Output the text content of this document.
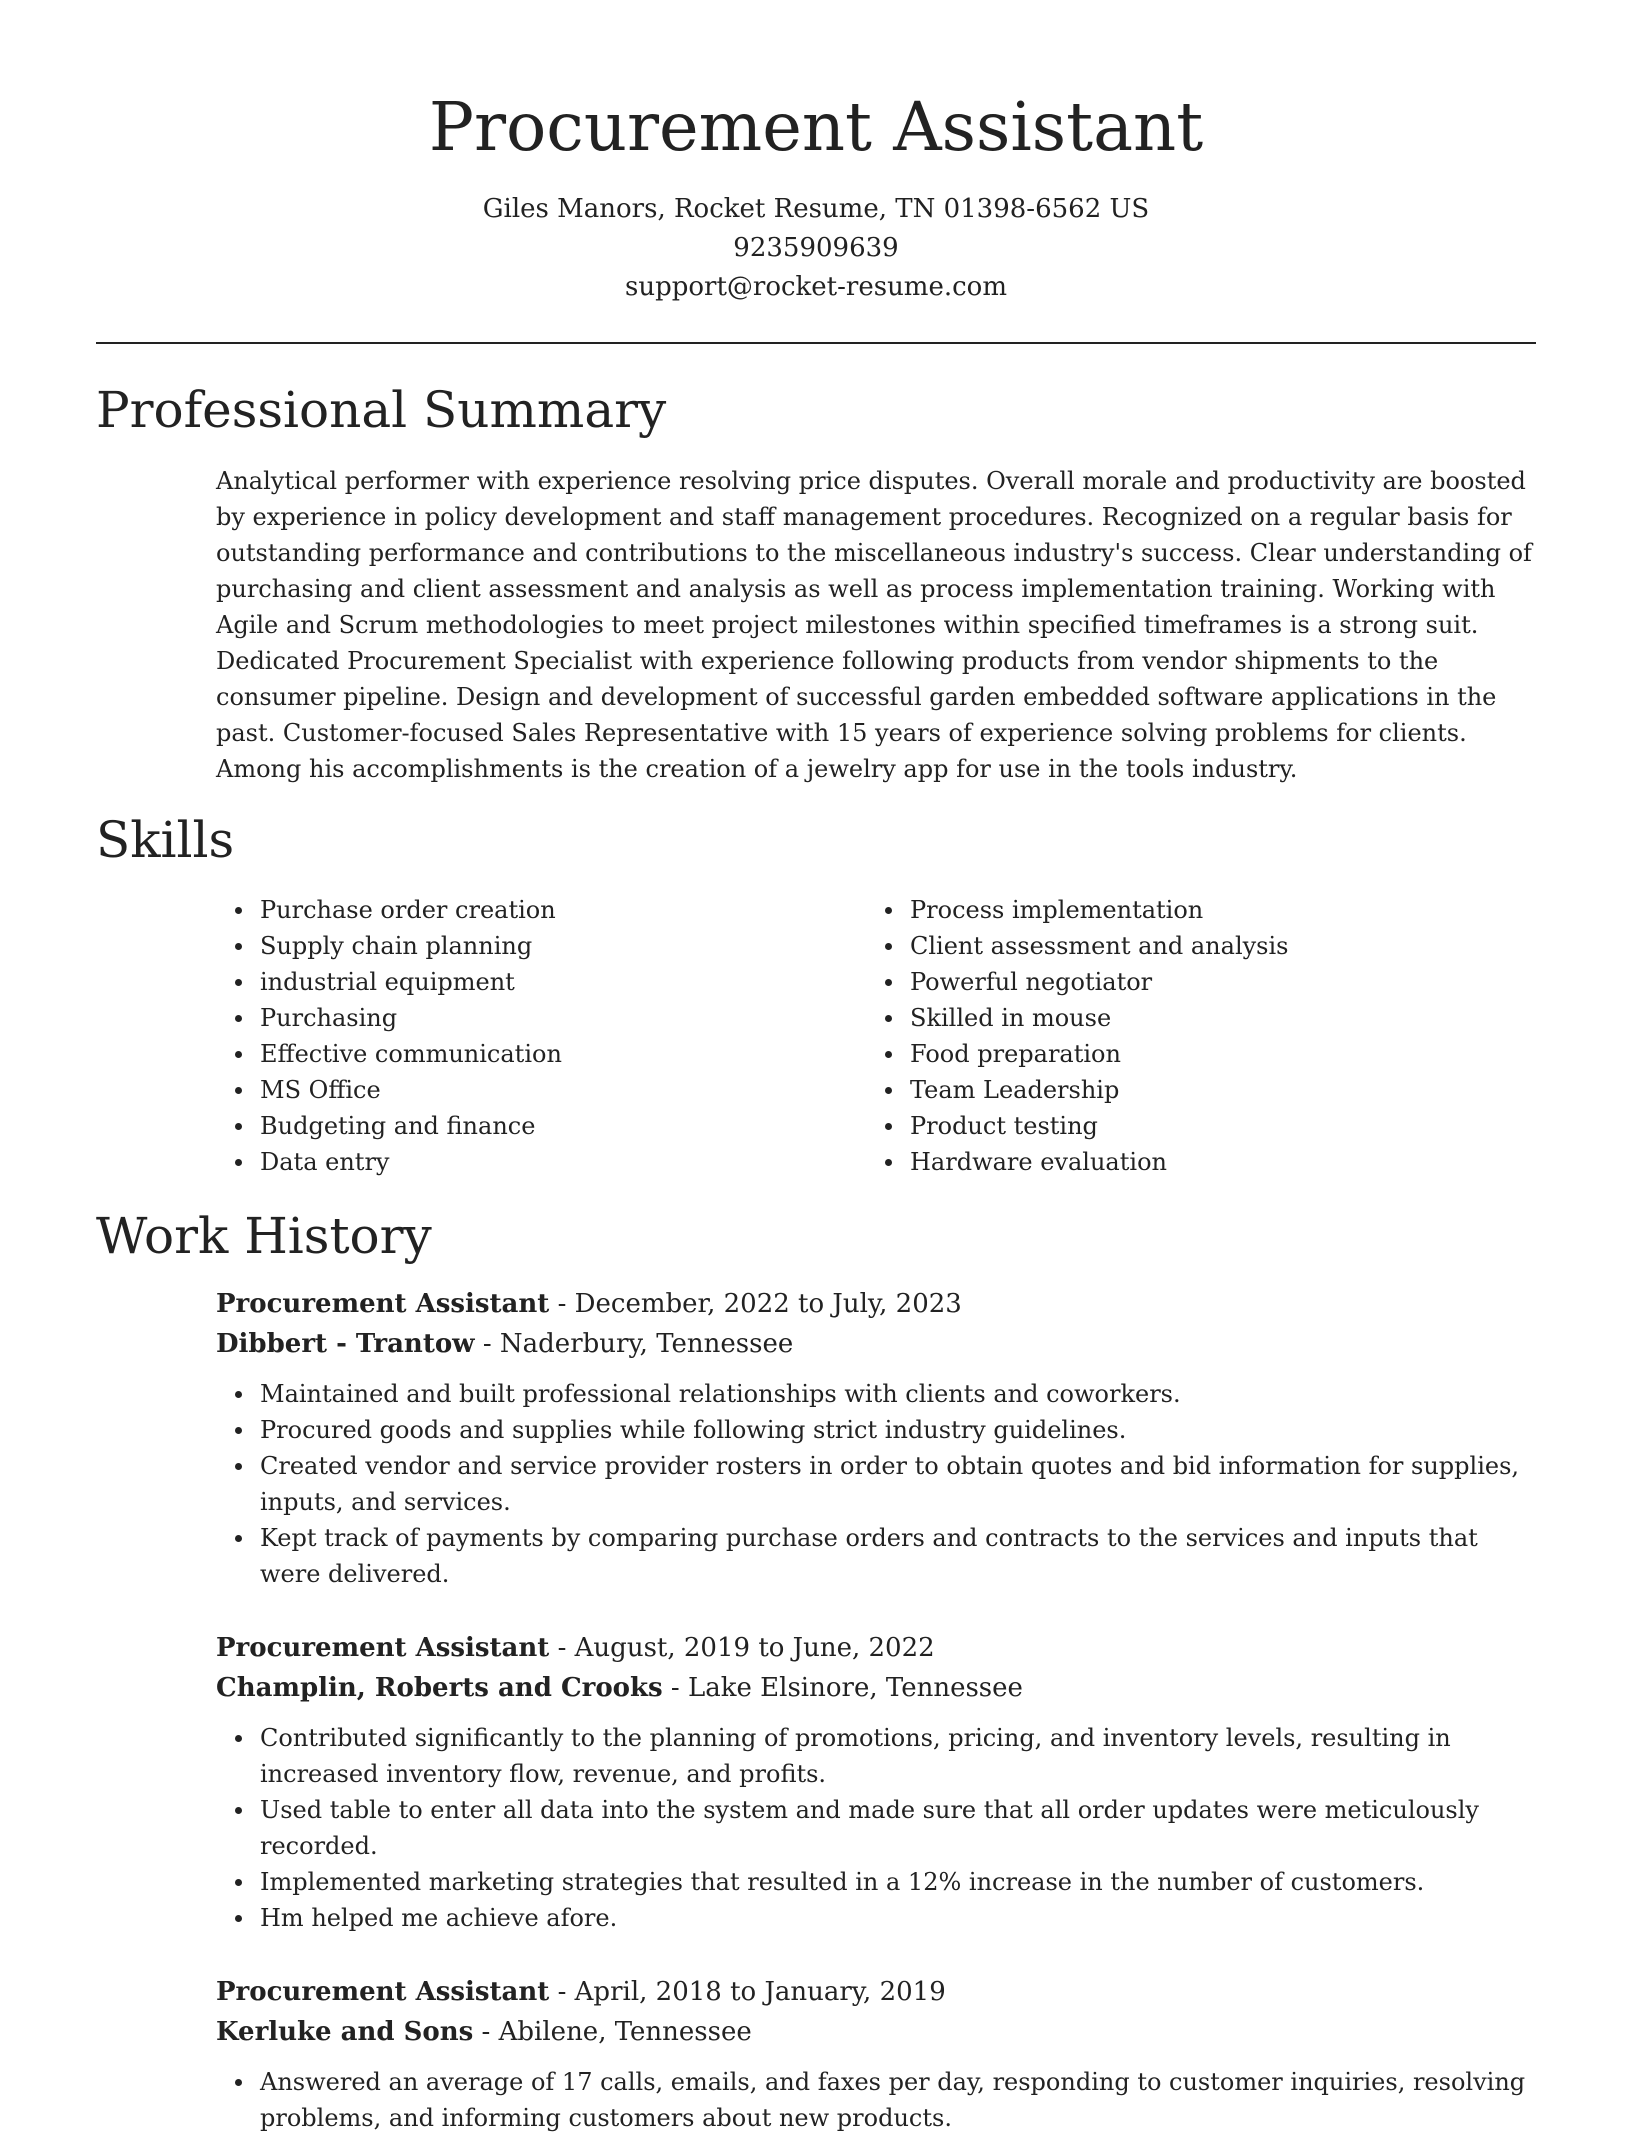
Procurement Assistant
Giles Manors, Rocket Resume, TN 01398-6562 US
9235909639
support@rocket-resume.com
Professional Summary

Analytical performer with experience resolving price disputes. Overall morale and productivity are boosted by experience in policy development and staff management procedures. Recognized on a regular basis for outstanding performance and contributions to the miscellaneous industry's success. Clear understanding of purchasing and client assessment and analysis as well as process implementation training. Working with Agile and Scrum methodologies to meet project milestones within specified timeframes is a strong suit. Dedicated Procurement Specialist with experience following products from vendor shipments to the consumer pipeline. Design and development of successful garden embedded software applications in the past. Customer-focused Sales Representative with 15 years of experience solving problems for clients. Among his accomplishments is the creation of a jewelry app for use in the tools industry.

Skills
Purchase order creation
Supply chain planning
industrial equipment
Purchasing
Effective communication
MS Office
Budgeting and finance
Data entry
Process implementation
Client assessment and analysis
Powerful negotiator
Skilled in mouse
Food preparation
Team Leadership
Product testing
Hardware evaluation
Work History
Procurement Assistant - December, 2022 to July, 2023
Dibbert - Trantow - Naderbury, Tennessee
Maintained and built professional relationships with clients and coworkers.
Procured goods and supplies while following strict industry guidelines.
Created vendor and service provider rosters in order to obtain quotes and bid information for supplies, inputs, and services.
Kept track of payments by comparing purchase orders and contracts to the services and inputs that were delivered.
Procurement Assistant - August, 2019 to June, 2022
Champlin, Roberts and Crooks - Lake Elsinore, Tennessee
Contributed significantly to the planning of promotions, pricing, and inventory levels, resulting in increased inventory flow, revenue, and profits.
Used table to enter all data into the system and made sure that all order updates were meticulously recorded.
Implemented marketing strategies that resulted in a 12% increase in the number of customers.
Hm helped me achieve afore.
Procurement Assistant - April, 2018 to January, 2019
Kerluke and Sons - Abilene, Tennessee
Answered an average of 17 calls, emails, and faxes per day, responding to customer inquiries, resolving problems, and informing customers about new products.
